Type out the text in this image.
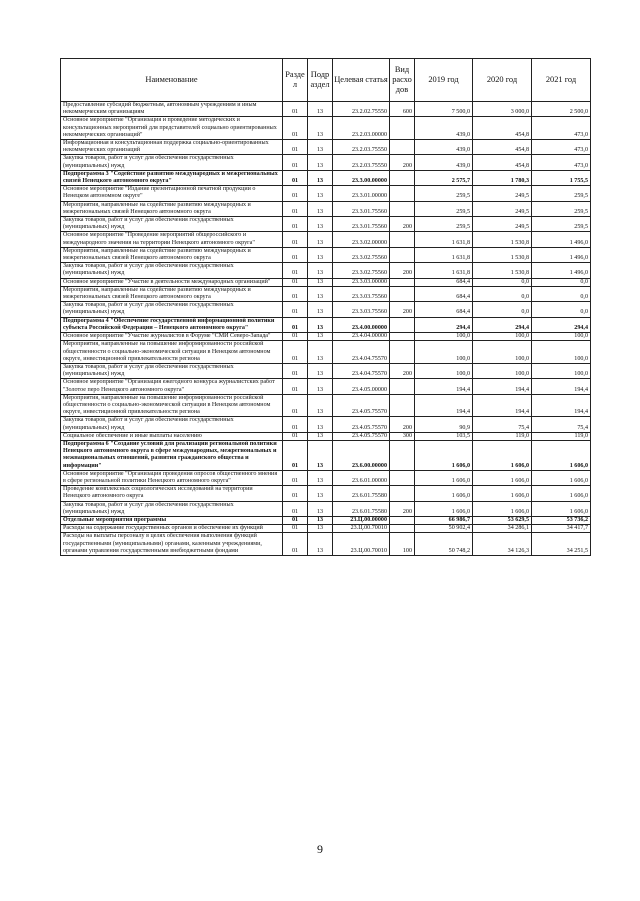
Наименование	Разде л	Подр аздел	Целевая статья	Вид расхо дов	2019 год	2020 год	2021 год
Предоставление субсидий бюджетным, автономным учреждениям и иным некоммерческим организациям	01	13	23.2.02.75550	600	7 500,0	3 000,0	2 500,0
Основное мероприятие "Организация и проведение методических и консультационных мероприятий для представителей социально ориентированных некоммерческих организаций"	01	13	23.2.03.00000		439,0	454,8	473,0
Информационная и консультационная поддержка социально-ориентированных некоммерческих организаций	01	13	23.2.03.75550		439,0	454,8	473,0
Закупка товаров, работ и услуг для обеспечения государственных (муниципальных) нужд	01	13	23.2.03.75550	200	439,0	454,8	473,0
Подпрограмма 3 "Содействие развитию международных и межрегиональных связей Ненецкого автономного округа"	01	13	23.3.00.00000		2 575,7	1 780,3	1 755,5
Основное мероприятие "Издание презентационной печатной продукции о Ненецком автономном округе"	01	13	23.3.01.00000		259,5	249,5	259,5
Мероприятия, направленные на содействие развитию международных и межрегиональных связей Ненецкого автономного округа	01	13	23.3.01.75560		259,5	249,5	259,5
Закупка товаров, работ и услуг для обеспечения государственных (муниципальных) нужд	01	13	23.3.01.75560	200	259,5	249,5	259,5
Основное мероприятие "Проведение мероприятий общероссийского и международного значения на территории Ненецкого автономного округа"	01	13	23.3.02.00000		1 631,8	1 530,8	1 496,0
Мероприятия, направленные на содействие развитию международных и межрегиональных связей Ненецкого автономного округа	01	13	23.3.02.75560		1 631,8	1 530,8	1 496,0
Закупка товаров, работ и услуг для обеспечения государственных (муниципальных) нужд	01	13	23.3.02.75560	200	1 631,8	1 530,8	1 496,0
Основное мероприятие "Участие в деятельности международных организаций"	01	13	23.3.03.00000		684,4	0,0	0,0
Мероприятия, направленные на содействие развитию международных и межрегиональных связей Ненецкого автономного округа	01	13	23.3.03.75560		684,4	0,0	0,0
Закупка товаров, работ и услуг для обеспечения государственных (муниципальных) нужд	01	13	23.3.03.75560	200	684,4	0,0	0,0
Подпрограмма 4 "Обеспечение государственной информационной политики субъекта Российской Федерации – Ненецкого автономного округа"	01	13	23.4.00.00000		294,4	294,4	294,4
Основное мероприятие "Участие журналистов в Форуме "СМИ Северо-Запада"	01	13	23.4.04.00000		100,0	100,0	100,0
Мероприятия, направленные на повышение информированности российской общественности о социально-экономической ситуации в Ненецком автономном округе, инвестиционной привлекательности региона	01	13	23.4.04.75570		100,0	100,0	100,0
Закупка товаров, работ и услуг для обеспечения государственных (муниципальных) нужд	01	13	23.4.04.75570	200	100,0	100,0	100,0
Основное мероприятие "Организация ежегодного конкурса журналистских работ "Золотое перо Ненецкого автономного округа"	01	13	23.4.05.00000		194,4	194,4	194,4
Мероприятия, направленные на повышение информированности российской общественности о социально-экономической ситуации в Ненецком автономном округе, инвестиционной привлекательности региона	01	13	23.4.05.75570		194,4	194,4	194,4
Закупка товаров, работ и услуг для обеспечения государственных (муниципальных) нужд	01	13	23.4.05.75570	200	90,9	75,4	75,4
Социальное обеспечение и иные выплаты населению	01	13	23.4.05.75570	300	103,5	119,0	119,0
Подпрограмма 6 "Создание условий для реализации региональной политики Ненецкого автономного округа в сфере международных, межрегиональных и межнациональных отношений, развития гражданского общества и информации"	01	13	23.6.00.00000		1 606,0	1 606,0	1 606,0
Основное мероприятие "Организация проведения опросов общественного мнения в сфере региональной политики Ненецкого автономного округа"	01	13	23.6.01.00000		1 606,0	1 606,0	1 606,0
Проведение комплексных социологических исследований на территории Ненецкого автономного округа	01	13	23.6.01.75580		1 606,0	1 606,0	1 606,0
Закупка товаров, работ и услуг для обеспечения государственных (муниципальных) нужд	01	13	23.6.01.75580	200	1 606,0	1 606,0	1 606,0
Отдельные мероприятия программы	01	13	23.Ц.00.00000		66 986,7	53 629,5	53 736,2
Расходы на содержание государственных органов и обеспечение их функций	01	13	23.Ц.00.70010		50 902,4	34 286,1	34 417,7
Расходы на выплаты персоналу в целях обеспечения выполнения функций государственными (муниципальными) органами, казенными учреждениями, органами управления государственными внебюджетными фондами	01	13	23.Ц.00.70010	100	50 748,2	34 126,3	34 251,5
9
